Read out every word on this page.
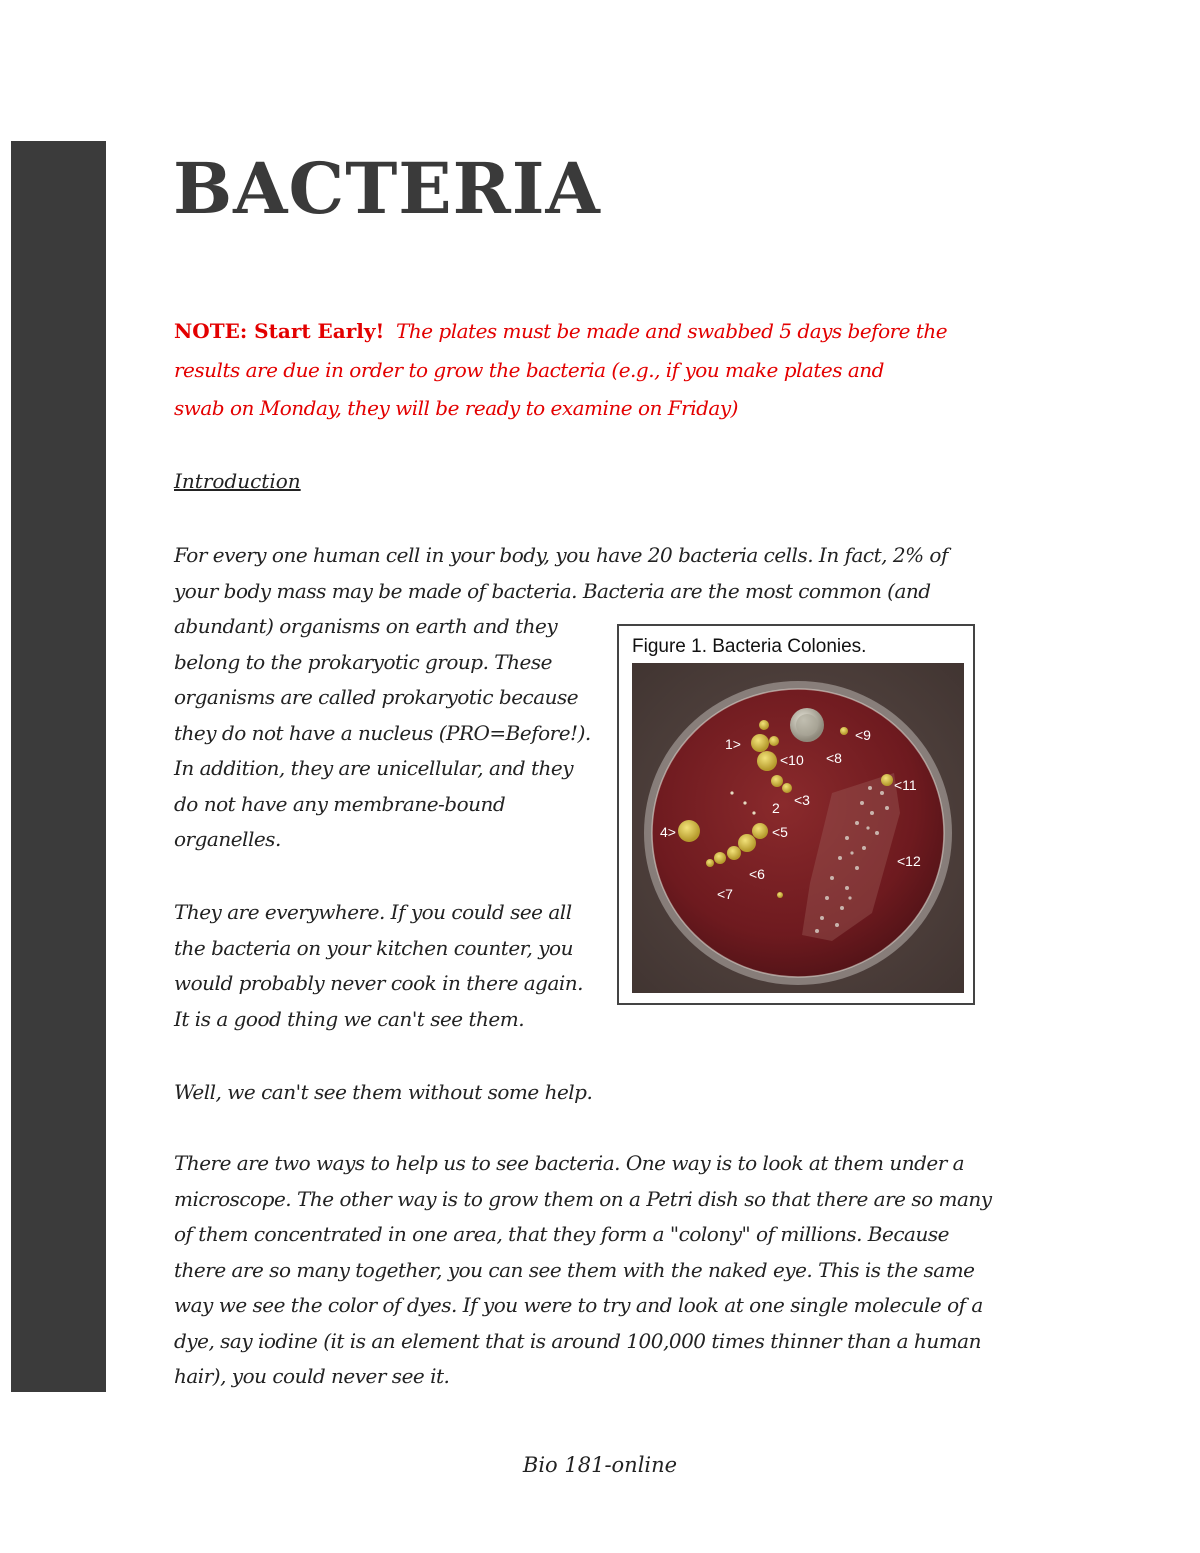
BACTERIA

NOTE: Start Early! The plates must be made and swabbed 5 days before the
results are due in order to grow the bacteria (e.g., if you make plates and
swab on Monday, they will be ready to examine on Friday)

Introduction

For every one human cell in your body, you have 20 bacteria cells. In fact, 2% of
your body mass may be made of bacteria. Bacteria are the most common (and

abundant) organisms on earth and they
belong to the prokaryotic group. These
organisms are called prokaryotic because
they do not have a nucleus (PRO=Before!).
In addition, they are unicellular, and they
do not have any membrane-bound
organelles.

They are everywhere. If you could see all
the bacteria on your kitchen counter, you
would probably never cook in there again.
It is a good thing we can't see them.

Well, we can't see them without some help.

There are two ways to help us to see bacteria. One way is to look at them under a
microscope. The other way is to grow them on a Petri dish so that there are so many
of them concentrated in one area, that they form a "colony" of millions. Because
there are so many together, you can see them with the naked eye. This is the same
way we see the color of dyes. If you were to try and look at one single molecule of a
dye, say iodine (it is an element that is around 100,000 times thinner than a human
hair), you could never see it.

Figure 1. Bacteria Colonies.

1>
<10 <8
<9
<11
2 <3
4>	<5
<12
<6
<7

Bio 181-online
